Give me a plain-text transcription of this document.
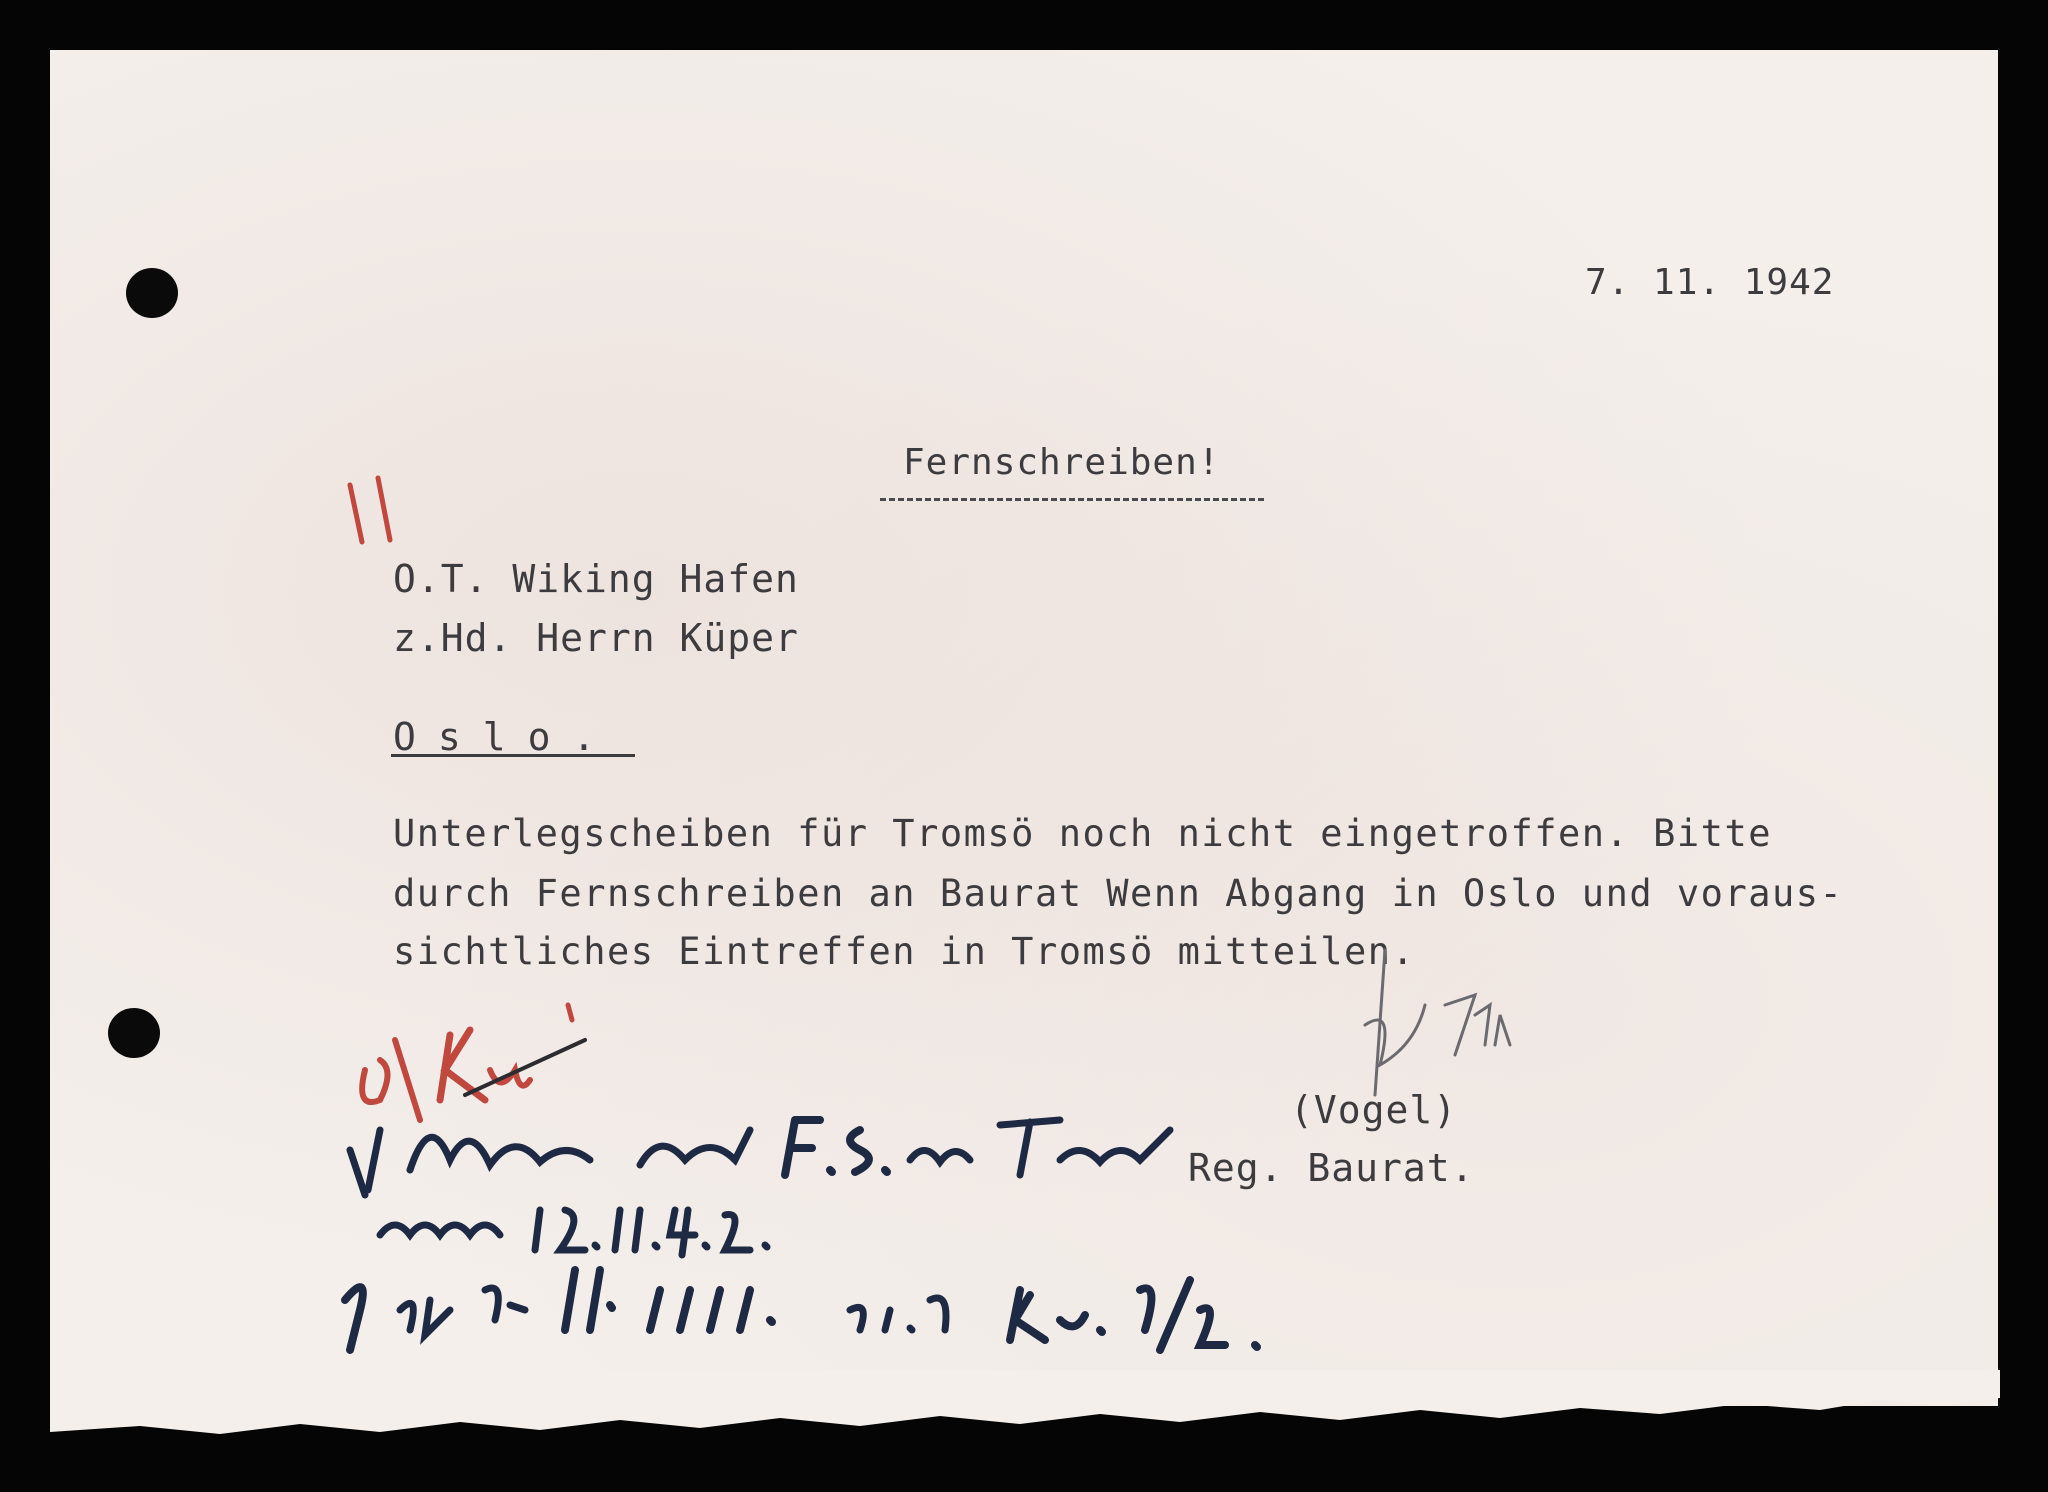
7. 11. 1942
Fernschreiben!
O.T. Wiking Hafen
z.Hd. Herrn Küper
Oslo.
Unterlegscheiben für Tromsö noch nicht eingetroffen. Bitte
durch Fernschreiben an Baurat Wenn Abgang in Oslo und voraus-
sichtliches Eintreffen in Tromsö mitteilen.
(Vogel)
Reg. Baurat.
